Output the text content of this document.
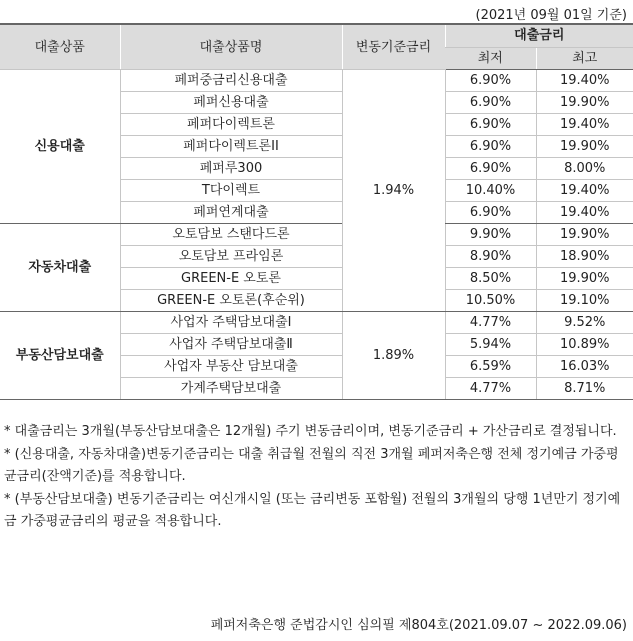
(2021년 09월 01일 기준)
대출상품	대출상품명	변동기준금리	대출금리	
			최저	최고
신용대출	페퍼중금리신용대출	1.94%	6.90%	19.40%
	페퍼신용대출		6.90%	19.90%
	페퍼다이렉트론		6.90%	19.40%
	페퍼다이렉트론II		6.90%	19.90%
	페퍼루300		6.90%	8.00%
	T다이렉트		10.40%	19.40%
	페퍼연계대출		6.90%	19.40%
자동차대출	오토담보 스탠다드론		9.90%	19.90%
	오토담보 프라임론		8.90%	18.90%
	GREEN-E 오토론		8.50%	19.90%
	GREEN-E 오토론(후순위)		10.50%	19.10%
부동산담보대출	사업자 주택담보대출Ⅰ	1.89%	4.77%	9.52%
	사업자 주택담보대출Ⅱ		5.94%	10.89%
	사업자 부동산 담보대출		6.59%	16.03%
	가계주택담보대출		4.77%	8.71%

* 대출금리는 3개월(부동산담보대출은 12개월) 주기 변동금리이며, 변동기준금리 + 가산금리로 결정됩니다.

* (신용대출, 자동차대출)변동기준금리는 대출 취급월 전월의 직전 3개월 페퍼저축은행 전체 정기예금 가중평균금리(잔액기준)를 적용합니다.

* (부동산담보대출) 변동기준금리는 여신개시일 (또는 금리변동 포함월) 전월의 3개월의 당행 1년만기 정기예금 가중평균금리의 평균을 적용합니다.

페퍼저축은행 준법감시인 심의필 제804호(2021.09.07 ~ 2022.09.06)
